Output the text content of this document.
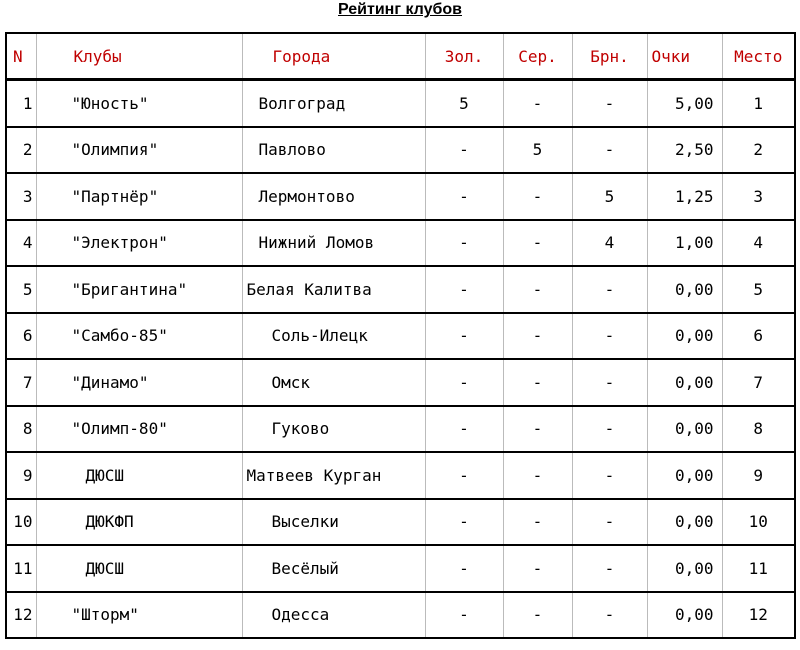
Рейтинг клубов
N	Клубы	Города	Зол.	Сер.	Брн.	Очки	Место
1	"Юность"	Волгоград	5	-	-	5,00	1
2	"Олимпия"	Павлово	-	5	-	2,50	2
3	"Партнёр"	Лермонтово	-	-	5	1,25	3
4	"Электрон"	Нижний Ломов	-	-	4	1,00	4
5	"Бригантина"	Белая Калитва	-	-	-	0,00	5
6	"Самбо-85"	Соль-Илецк	-	-	-	0,00	6
7	"Динамо"	Омск	-	-	-	0,00	7
8	"Олимп-80"	Гуково	-	-	-	0,00	8
9	ДЮСШ	Матвеев Курган	-	-	-	0,00	9
10	ДЮКФП	Выселки	-	-	-	0,00	10
11	ДЮСШ	Весёлый	-	-	-	0,00	11
12	"Шторм"	Одесса	-	-	-	0,00	12
